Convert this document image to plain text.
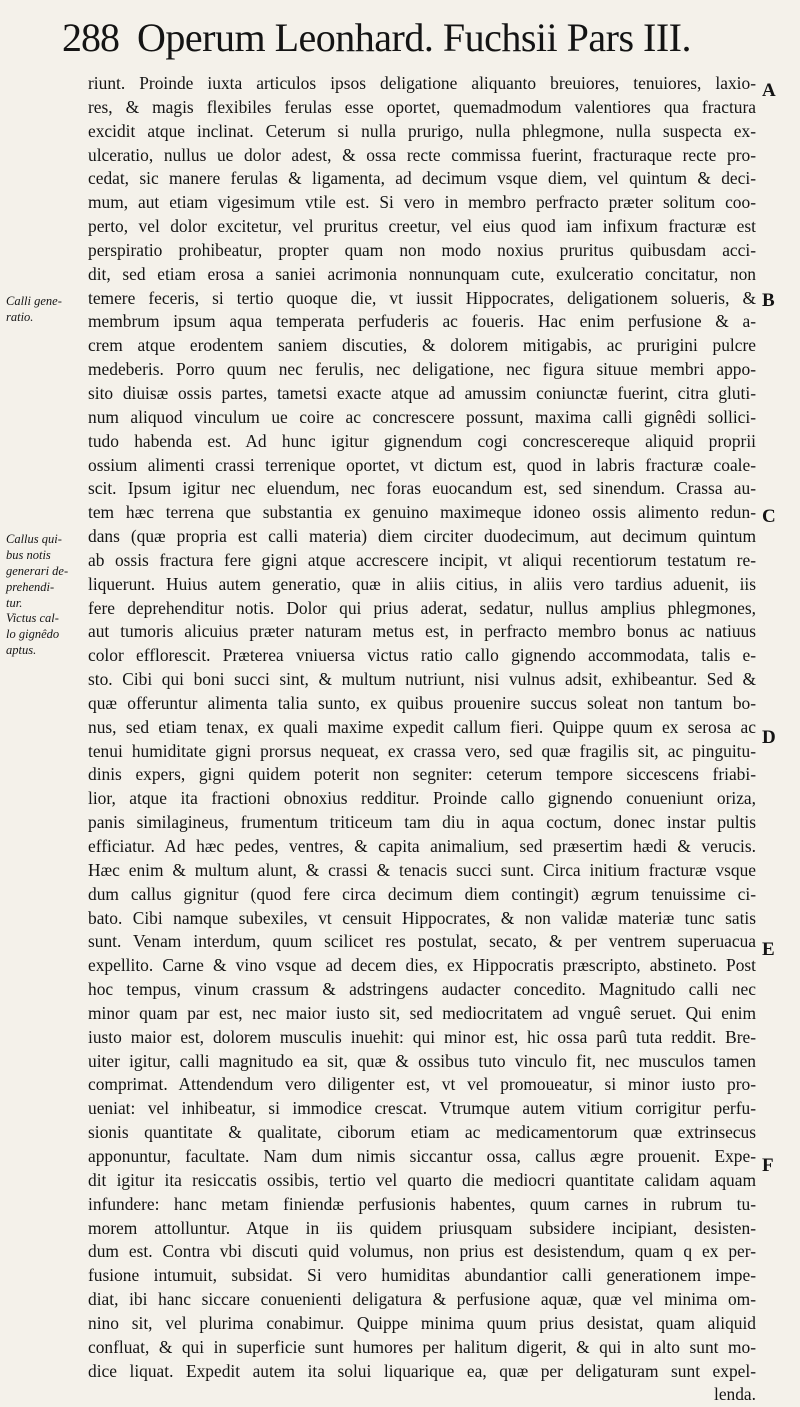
288 Operum Leonhard. Fuchsii Pars III.
Calli gene-
ratio.
Callus qui-
bus notis
generari de-
prehendi-
tur.
Victus cal-
lo gignêdo
aptus.
A
B
C
D
E
F
riunt. Proinde iuxta articulos ipsos deligatione aliquanto breuiores, tenuiores, laxio-
res, & magis flexibiles ferulas esse oportet, quemadmodum valentiores qua fractura
excidit atque inclinat. Ceterum si nulla prurigo, nulla phlegmone, nulla suspecta ex-
ulceratio, nullus ue dolor adest, & ossa recte commissa fuerint, fracturaque recte pro-
cedat, sic manere ferulas & ligamenta, ad decimum vsque diem, vel quintum & deci-
mum, aut etiam vigesimum vtile est. Si vero in membro perfracto præter solitum coo-
perto, vel dolor excitetur, vel pruritus creetur, vel eius quod iam infixum fracturæ est
perspiratio prohibeatur, propter quam non modo noxius pruritus quibusdam acci-
dit, sed etiam erosa a saniei acrimonia nonnunquam cute, exulceratio concitatur, non
temere feceris, si tertio quoque die, vt iussit Hippocrates, deligationem solueris, &
membrum ipsum aqua temperata perfuderis ac foueris. Hac enim perfusione & a-
crem atque erodentem saniem discuties, & dolorem mitigabis, ac prurigini pulcre
medeberis. Porro quum nec ferulis, nec deligatione, nec figura situue membri appo-
sito diuisæ ossis partes, tametsi exacte atque ad amussim coniunctæ fuerint, citra gluti-
num aliquod vinculum ue coire ac concrescere possunt, maxima calli gignêdi sollici-
tudo habenda est. Ad hunc igitur gignendum cogi concrescereque aliquid proprii
ossium alimenti crassi terrenique oportet, vt dictum est, quod in labris fracturæ coale-
scit. Ipsum igitur nec eluendum, nec foras euocandum est, sed sinendum. Crassa au-
tem hæc terrena que substantia ex genuino maximeque idoneo ossis alimento redun-
dans (quæ propria est calli materia) diem circiter duodecimum, aut decimum quintum
ab ossis fractura fere gigni atque accrescere incipit, vt aliqui recentiorum testatum re-
liquerunt. Huius autem generatio, quæ in aliis citius, in aliis vero tardius aduenit, iis
fere deprehenditur notis. Dolor qui prius aderat, sedatur, nullus amplius phlegmones,
aut tumoris alicuius præter naturam metus est, in perfracto membro bonus ac natiuus
color efflorescit. Præterea vniuersa victus ratio callo gignendo accommodata, talis e-
sto. Cibi qui boni succi sint, & multum nutriunt, nisi vulnus adsit, exhibeantur. Sed &
quæ offeruntur alimenta talia sunto, ex quibus prouenire succus soleat non tantum bo-
nus, sed etiam tenax, ex quali maxime expedit callum fieri. Quippe quum ex serosa ac
tenui humiditate gigni prorsus nequeat, ex crassa vero, sed quæ fragilis sit, ac pinguitu-
dinis expers, gigni quidem poterit non segniter: ceterum tempore siccescens friabi-
lior, atque ita fractioni obnoxius redditur. Proinde callo gignendo conueniunt oriza,
panis similagineus, frumentum triticeum tam diu in aqua coctum, donec instar pultis
efficiatur. Ad hæc pedes, ventres, & capita animalium, sed præsertim hædi & verucis.
Hæc enim & multum alunt, & crassi & tenacis succi sunt. Circa initium fracturæ vsque
dum callus gignitur (quod fere circa decimum diem contingit) ægrum tenuissime ci-
bato. Cibi namque subexiles, vt censuit Hippocrates, & non validæ materiæ tunc satis
sunt. Venam interdum, quum scilicet res postulat, secato, & per ventrem superuacua
expellito. Carne & vino vsque ad decem dies, ex Hippocratis præscripto, abstineto. Post
hoc tempus, vinum crassum & adstringens audacter concedito. Magnitudo calli nec
minor quam par est, nec maior iusto sit, sed mediocritatem ad vnguê seruet. Qui enim
iusto maior est, dolorem musculis inuehit: qui minor est, hic ossa parû tuta reddit. Bre-
uiter igitur, calli magnitudo ea sit, quæ & ossibus tuto vinculo fit, nec musculos tamen
comprimat. Attendendum vero diligenter est, vt vel promoueatur, si minor iusto pro-
ueniat: vel inhibeatur, si immodice crescat. Vtrumque autem vitium corrigitur perfu-
sionis quantitate & qualitate, ciborum etiam ac medicamentorum quæ extrinsecus
apponuntur, facultate. Nam dum nimis siccantur ossa, callus ægre prouenit. Expe-
dit igitur ita resiccatis ossibis, tertio vel quarto die mediocri quantitate calidam aquam
infundere: hanc metam finiendæ perfusionis habentes, quum carnes in rubrum tu-
morem attolluntur. Atque in iis quidem priusquam subsidere incipiant, desisten-
dum est. Contra vbi discuti quid volumus, non prius est desistendum, quam q ex per-
fusione intumuit, subsidat. Si vero humiditas abundantior calli generationem impe-
diat, ibi hanc siccare conuenienti deligatura & perfusione aquæ, quæ vel minima om-
nino sit, vel plurima conabimur. Quippe minima quum prius desistat, quam aliquid
confluat, & qui in superficie sunt humores per halitum digerit, & qui in alto sunt mo-
dice liquat. Expedit autem ita solui liquarique ea, quæ per deligaturam sunt expel-
lenda.
